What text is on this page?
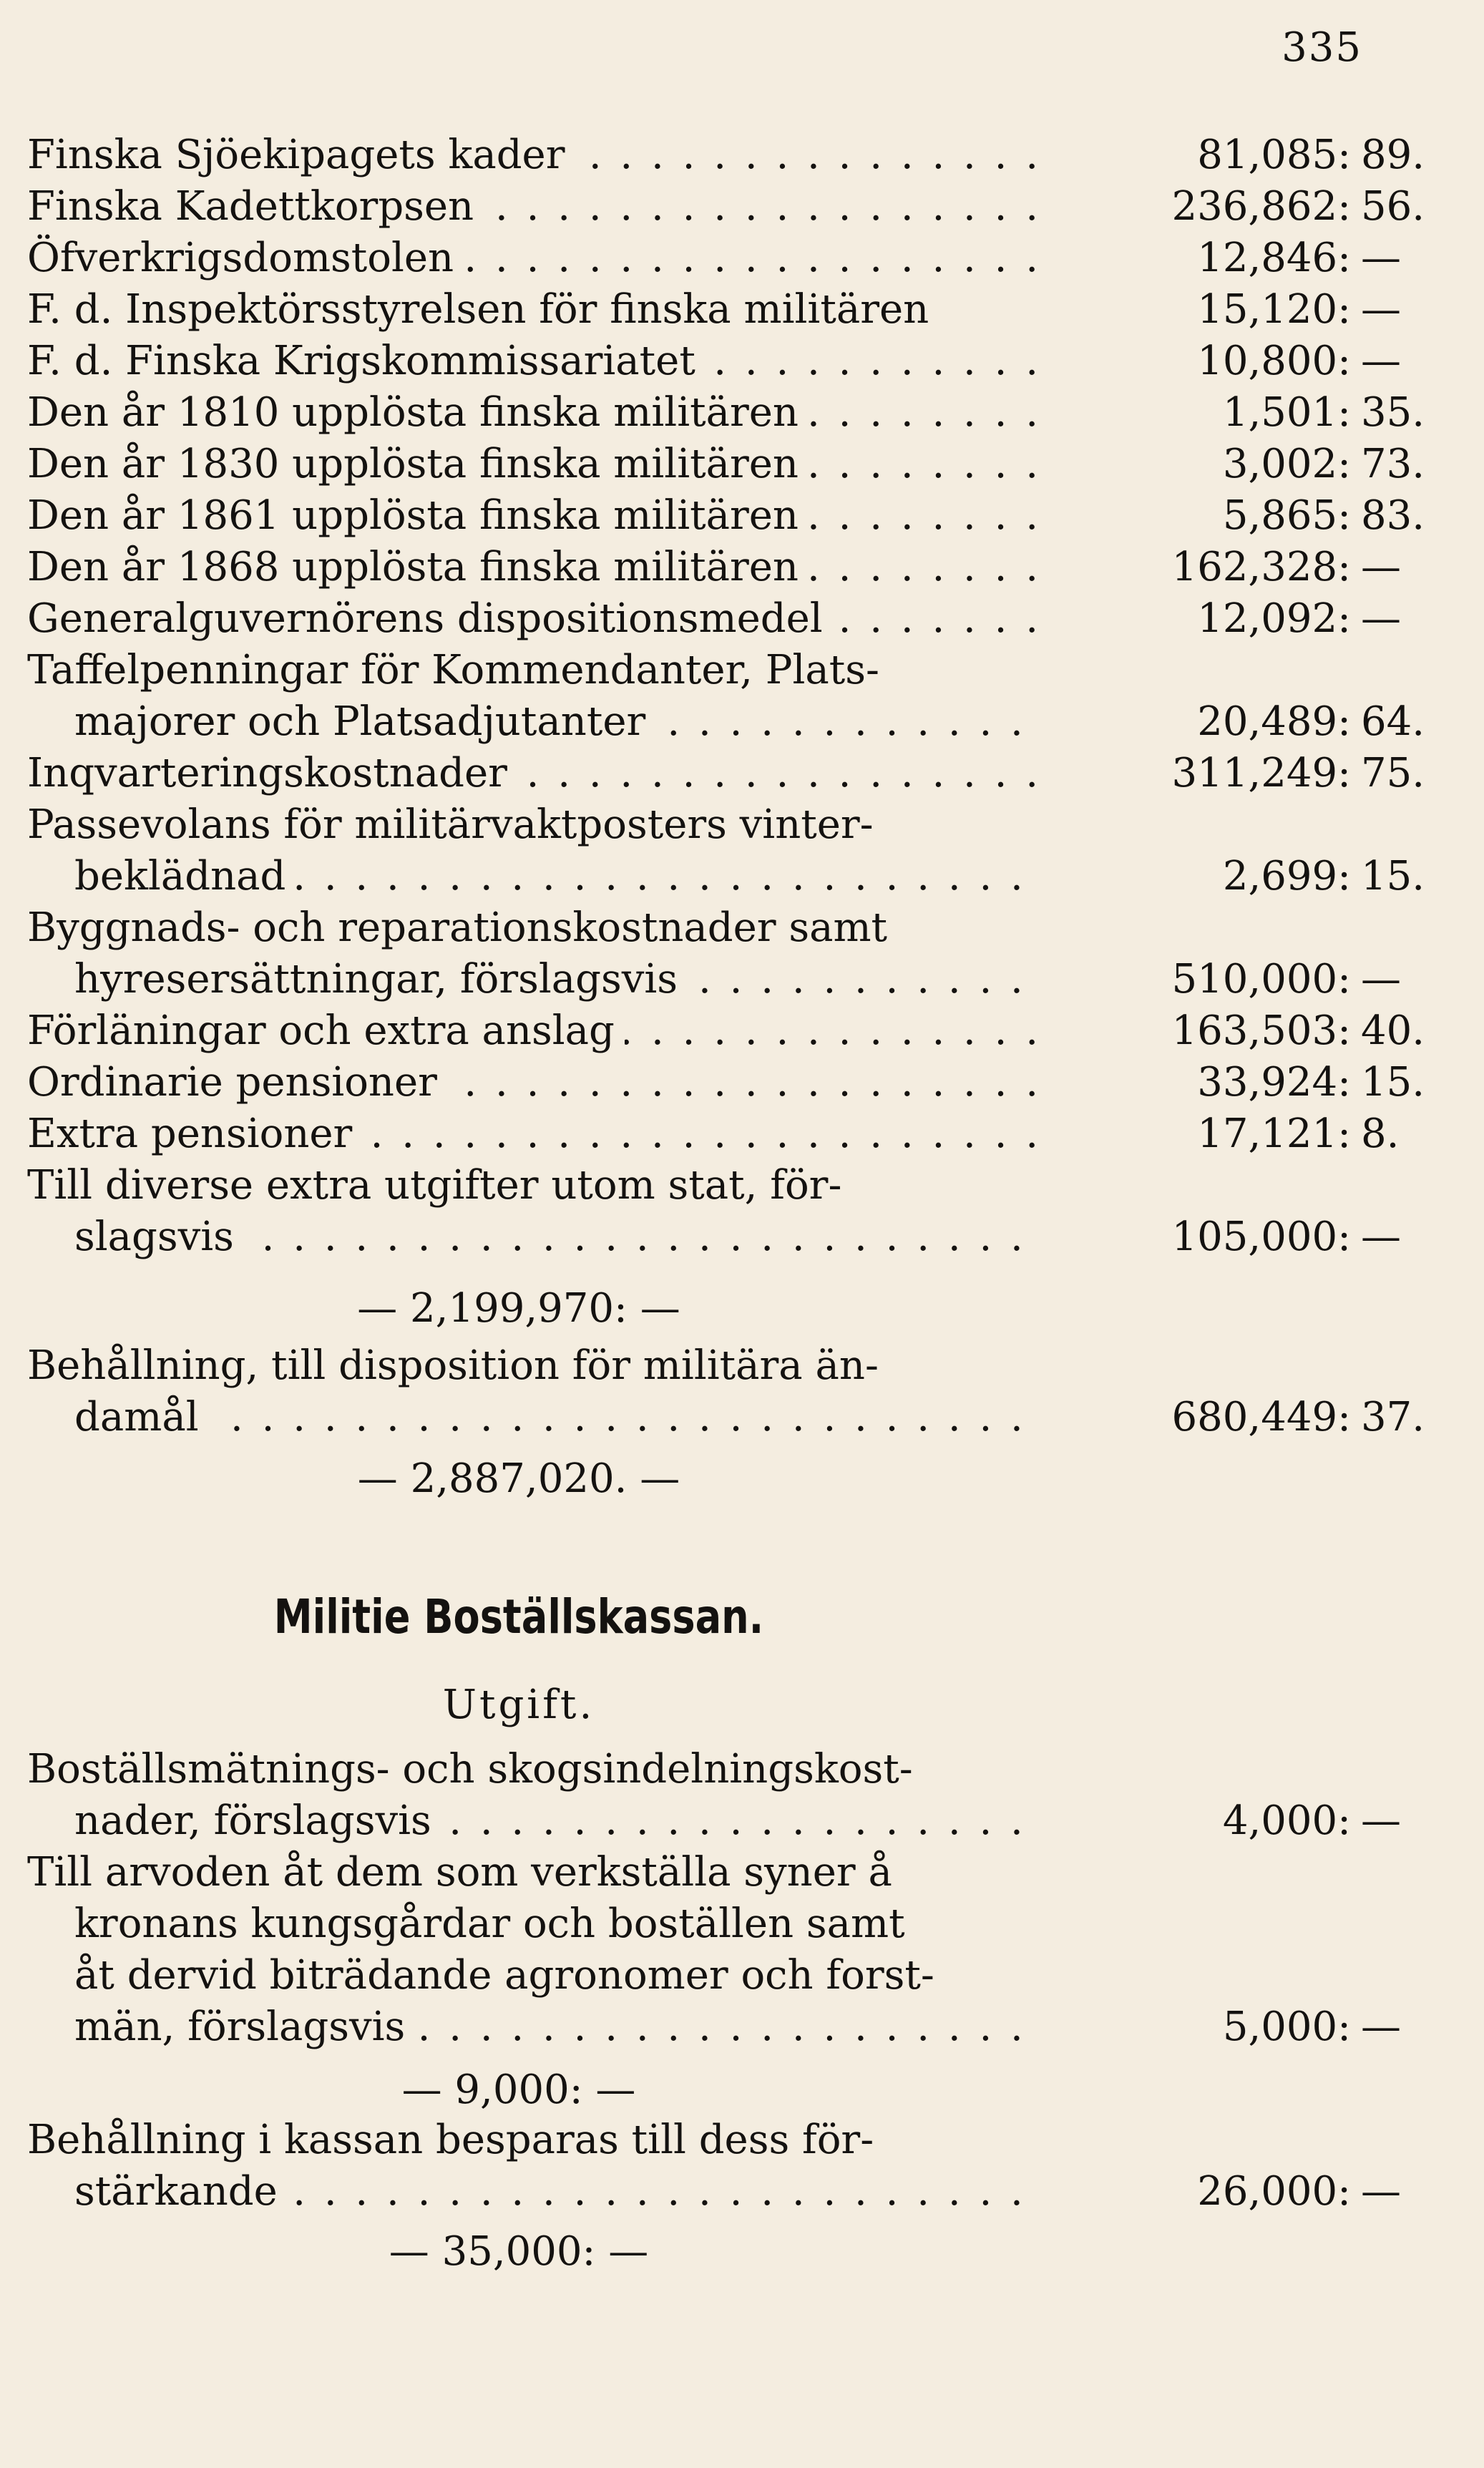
335
Finska Sjöekipagets kader . . .	81,085: 89.
Finska Kadettkorpsen . . .	236,862: 56.
Öfverkrigsdomstolen . . .	12,846: —
F. d. Inspektörsstyrelsen för finska militären	15,120: —
F. d. Finska Krigskommissariatet . . .	10,800: —
Den år 1810 upplösta finska militären . . .	1,501: 35.
Den år 1830 upplösta finska militären . . .	3,002: 73.
Den år 1861 upplösta finska militären . . .	5,865: 83.
Den år 1868 upplösta finska militären . . .	162,328: —
Generalguvernörens dispositionsmedel . . .	12,092: —
Taffelpenningar för Kommendanter, Plats-
majorer och Platsadjutanter . . .	20,489: 64.
Inqvarteringskostnader . . .	311,249: 75.
Passevolans för militärvaktposters vinter-
beklädnad . . .	2,699: 15.
Byggnads- och reparationskostnader samt
hyresersättningar, förslagsvis . . .	510,000: —
Förläningar och extra anslag . . .	163,503: 40.
Ordinarie pensioner . . .	33,924: 15.
Extra pensioner . . .	17,121: 8.
Till diverse extra utgifter utom stat, för-
slagsvis . . .	105,000: —
— 2,199,970: —
Behållning, till disposition för militära än-
damål . . .	680,449: 37.
— 2,887,020. —
Militie Boställskassan.
Utgift.
Boställsmätnings- och skogsindelningskost-
nader, förslagsvis . . .	4,000: —
Till arvoden åt dem som verkställa syner å
kronans kungsgårdar och boställen samt
åt dervid biträdande agronomer och forst-
män, förslagsvis . . .	5,000: —
— 9,000: —
Behållning i kassan besparas till dess för-
stärkande . . .	26,000: —
— 35,000: —
